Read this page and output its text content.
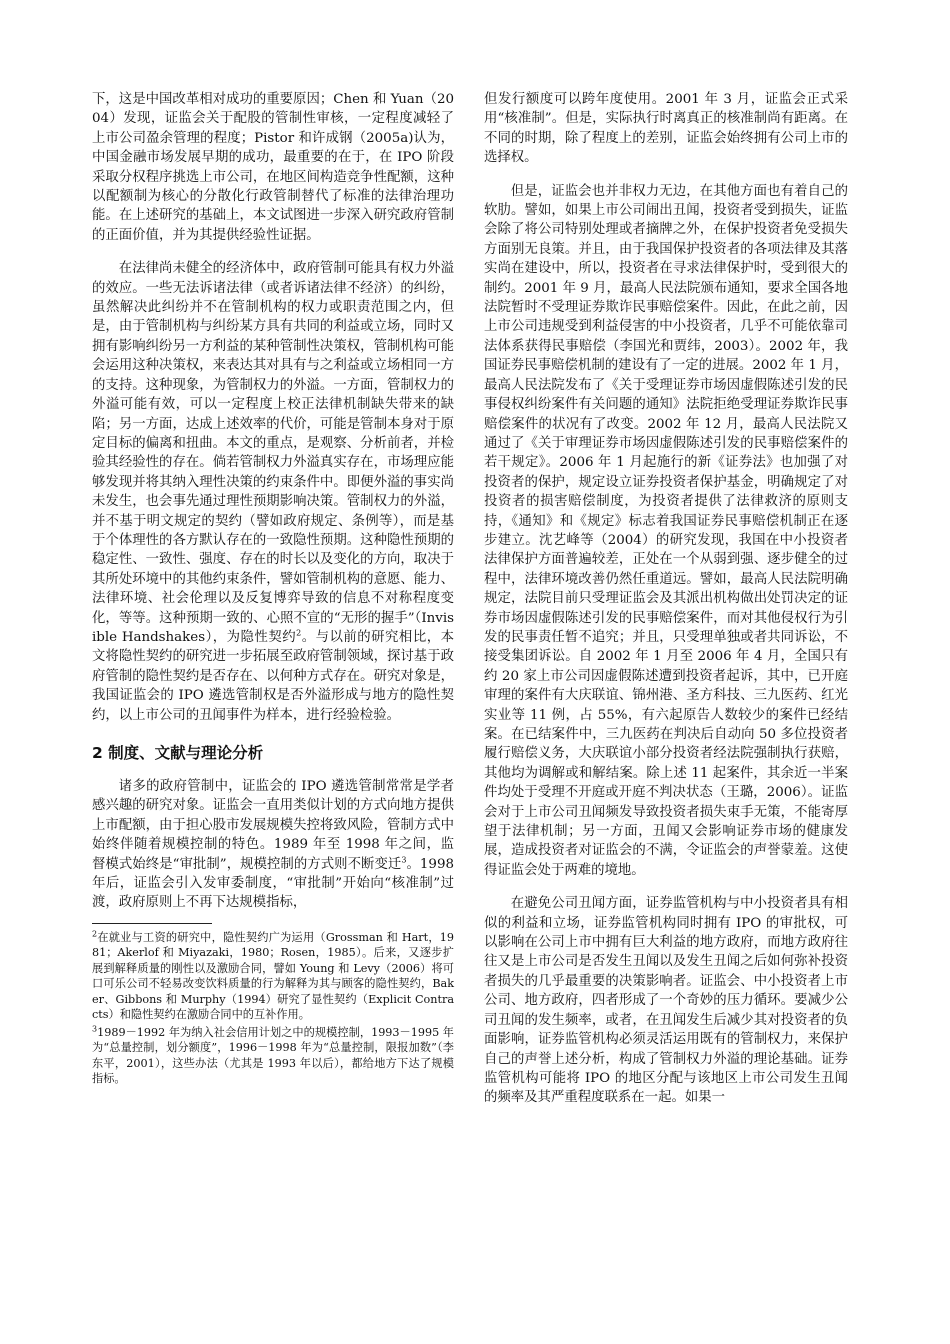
下，这是中国改革相对成功的重要原因；Chen 和 Yuan（2004）发现，证监会关于配股的管制性审核，一定程度减轻了上市公司盈余管理的程度；Pistor 和许成钢（2005a)认为，中国金融市场发展早期的成功，最重要的在于，在 IPO 阶段采取分权程序挑选上市公司，在地区间构造竞争性配额，这种以配额制为核心的分散化行政管制替代了标准的法律治理功能。在上述研究的基础上，本文试图进一步深入研究政府管制的正面价值，并为其提供经验性证据。

在法律尚未健全的经济体中，政府管制可能具有权力外溢的效应。一些无法诉诸法律（或者诉诸法律不经济）的纠纷，虽然解决此纠纷并不在管制机构的权力或职责范围之内，但是，由于管制机构与纠纷某方具有共同的利益或立场，同时又拥有影响纠纷另一方利益的某种管制性决策权，管制机构可能会运用这种决策权，来表达其对具有与之利益或立场相同一方的支持。这种现象，为管制权力的外溢。一方面，管制权力的外溢可能有效，可以一定程度上校正法律机制缺失带来的缺陷；另一方面，达成上述效率的代价，可能是管制本身对于原定目标的偏离和扭曲。本文的重点，是观察、分析前者，并检验其经验性的存在。倘若管制权力外溢真实存在，市场理应能够发现并将其纳入理性决策的约束条件中。即便外溢的事实尚未发生，也会事先通过理性预期影响决策。管制权力的外溢，并不基于明文规定的契约（譬如政府规定、条例等），而是基于个体理性的各方默认存在的一致隐性预期。这种隐性预期的稳定性、一致性、强度、存在的时长以及变化的方向，取决于其所处环境中的其他约束条件，譬如管制机构的意愿、能力、法律环境、社会伦理以及反复博弈导致的信息不对称程度变化，等等。这种预期一致的、心照不宣的“无形的握手”（Invisible Handshakes），为隐性契约$^2$。与以前的研究相比，本文将隐性契约的研究进一步拓展至政府管制领域，探讨基于政府管制的隐性契约是否存在、以何种方式存在。研究对象是，我国证监会的 IPO 遴选管制权是否外溢形成与地方的隐性契约，以上市公司的丑闻事件为样本，进行经验检验。

2 制度、文献与理论分析

诸多的政府管制中，证监会的 IPO 遴选管制常常是学者感兴趣的研究对象。证监会一直用类似计划的方式向地方提供上市配额，由于担心股市发展规模失控将致风险，管制方式中始终伴随着规模控制的特色。1989 年至 1998 年之间，监督模式始终是“审批制”，规模控制的方式则不断变迁$^3$。1998 年后，证监会引入发审委制度，“审批制”开始向“核准制”过渡，政府原则上不再下达规模指标，

$^2$在就业与工资的研究中，隐性契约广为运用（Grossman 和 Hart，1981；Akerlof 和 Miyazaki，1980；Rosen，1985）。后来，又逐步扩展到解释质量的刚性以及激励合同，譬如 Young 和 Levy（2006）将可口可乐公司不轻易改变饮料质量的行为解释为其与顾客的隐性契约，Baker、Gibbons 和 Murphy（1994）研究了显性契约（Explicit Contracts）和隐性契约在激励合同中的互补作用。

$^3$1989－1992 年为纳入社会信用计划之中的规模控制，1993－1995 年为“总量控制，划分额度”，1996－1998 年为“总量控制，限报加数”（李东平，2001），这些办法（尤其是 1993 年以后），都给地方下达了规模指标。

但发行额度可以跨年度使用。2001 年 3 月，证监会正式采用“核准制”。但是，实际执行时离真正的核准制尚有距离。在不同的时期，除了程度上的差别，证监会始终拥有公司上市的选择权。

但是，证监会也并非权力无边，在其他方面也有着自己的软肋。譬如，如果上市公司闹出丑闻，投资者受到损失，证监会除了将公司特别处理或者摘牌之外，在保护投资者免受损失方面别无良策。并且，由于我国保护投资者的各项法律及其落实尚在建设中，所以，投资者在寻求法律保护时，受到很大的制约。2001 年 9 月，最高人民法院颁布通知，要求全国各地法院暂时不受理证券欺诈民事赔偿案件。因此，在此之前，因上市公司违规受到利益侵害的中小投资者，几乎不可能依靠司法体系获得民事赔偿（李国光和贾纬，2003）。2002 年，我国证券民事赔偿机制的建设有了一定的进展。2002 年 1 月，最高人民法院发布了《关于受理证券市场因虚假陈述引发的民事侵权纠纷案件有关问题的通知》法院拒绝受理证券欺诈民事赔偿案件的状况有了改变。2002 年 12 月，最高人民法院又通过了《关于审理证券市场因虚假陈述引发的民事赔偿案件的若干规定》。2006 年 1 月起施行的新《证券法》也加强了对投资者的保护，规定设立证券投资者保护基金，明确规定了对投资者的损害赔偿制度，为投资者提供了法律救济的原则支持，《通知》和《规定》标志着我国证券民事赔偿机制正在逐步建立。沈艺峰等（2004）的研究发现，我国在中小投资者法律保护方面普遍较差，正处在一个从弱到强、逐步健全的过程中，法律环境改善仍然任重道远。譬如，最高人民法院明确规定，法院目前只受理证监会及其派出机构做出处罚决定的证券市场因虚假陈述引发的民事赔偿案件，而对其他侵权行为引发的民事责任暂不追究；并且，只受理单独或者共同诉讼，不接受集团诉讼。自 2002 年 1 月至 2006 年 4 月，全国只有约 20 家上市公司因虚假陈述遭到投资者起诉，其中，已开庭审理的案件有大庆联谊、锦州港、圣方科技、三九医药、红光实业等 11 例，占 55%，有六起原告人数较少的案件已经结案。在已结案件中，三九医药在判决后自动向 50 多位投资者履行赔偿义务，大庆联谊小部分投资者经法院强制执行获赔，其他均为调解或和解结案。除上述 11 起案件，其余近一半案件均处于受理不开庭或开庭不判决状态（王璐，2006）。证监会对于上市公司丑闻频发导致投资者损失束手无策，不能寄厚望于法律机制；另一方面，丑闻又会影响证券市场的健康发展，造成投资者对证监会的不满，令证监会的声誉蒙羞。这使得证监会处于两难的境地。

在避免公司丑闻方面，证券监管机构与中小投资者具有相似的利益和立场，证券监管机构同时拥有 IPO 的审批权，可以影响在公司上市中拥有巨大利益的地方政府，而地方政府往往又是上市公司是否发生丑闻以及发生丑闻之后如何弥补投资者损失的几乎最重要的决策影响者。证监会、中小投资者上市公司、地方政府，四者形成了一个奇妙的压力循环。要减少公司丑闻的发生频率，或者，在丑闻发生后减少其对投资者的负面影响，证券监管机构必须灵活运用既有的管制权力，来保护自己的声誉上述分析，构成了管制权力外溢的理论基础。证券监管机构可能将 IPO 的地区分配与该地区上市公司发生丑闻的频率及其严重程度联系在一起。如果一
